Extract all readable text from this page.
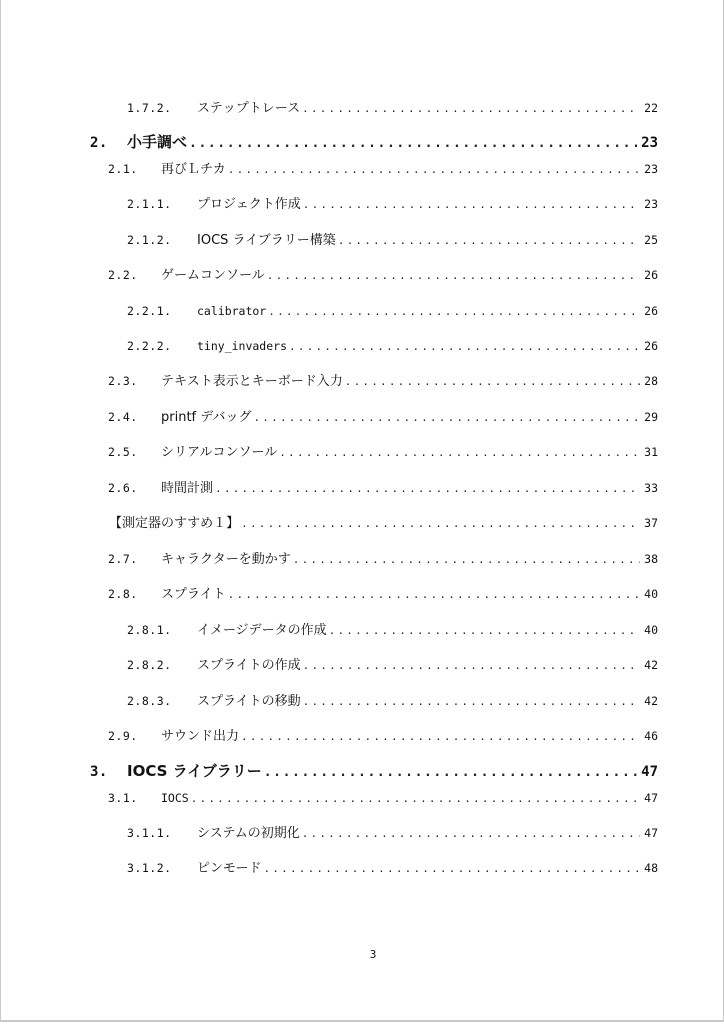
1.7.2.	ステップトレース .....	22
2.	小手調べ .....	23
2.1.	再びＬチカ .....	23
2.1.1.	プロジェクト作成 .....	23
2.1.2.	IOCS ライブラリー構築 .....	25
2.2.	ゲームコンソール .....	26
2.2.1.	calibrator .....	26
2.2.2.	tiny_invaders .....	26
2.3.	テキスト表示とキーボード入力 .....	28
2.4.	printf デバッグ .....	29
2.5.	シリアルコンソール .....	31
2.6.	時間計測 .....	33
【測定器のすすめ１】 .....	37
2.7.	キャラクターを動かす .....	38
2.8.	スプライト .....	40
2.8.1.	イメージデータの作成 .....	40
2.8.2.	スプライトの作成 .....	42
2.8.3.	スプライトの移動 .....	42
2.9.	サウンド出力 .....	46
3.	IOCS ライブラリー .....	47
3.1.	IOCS .....	47
3.1.1.	システムの初期化 .....	47
3.1.2.	ピンモード .....	48
3
